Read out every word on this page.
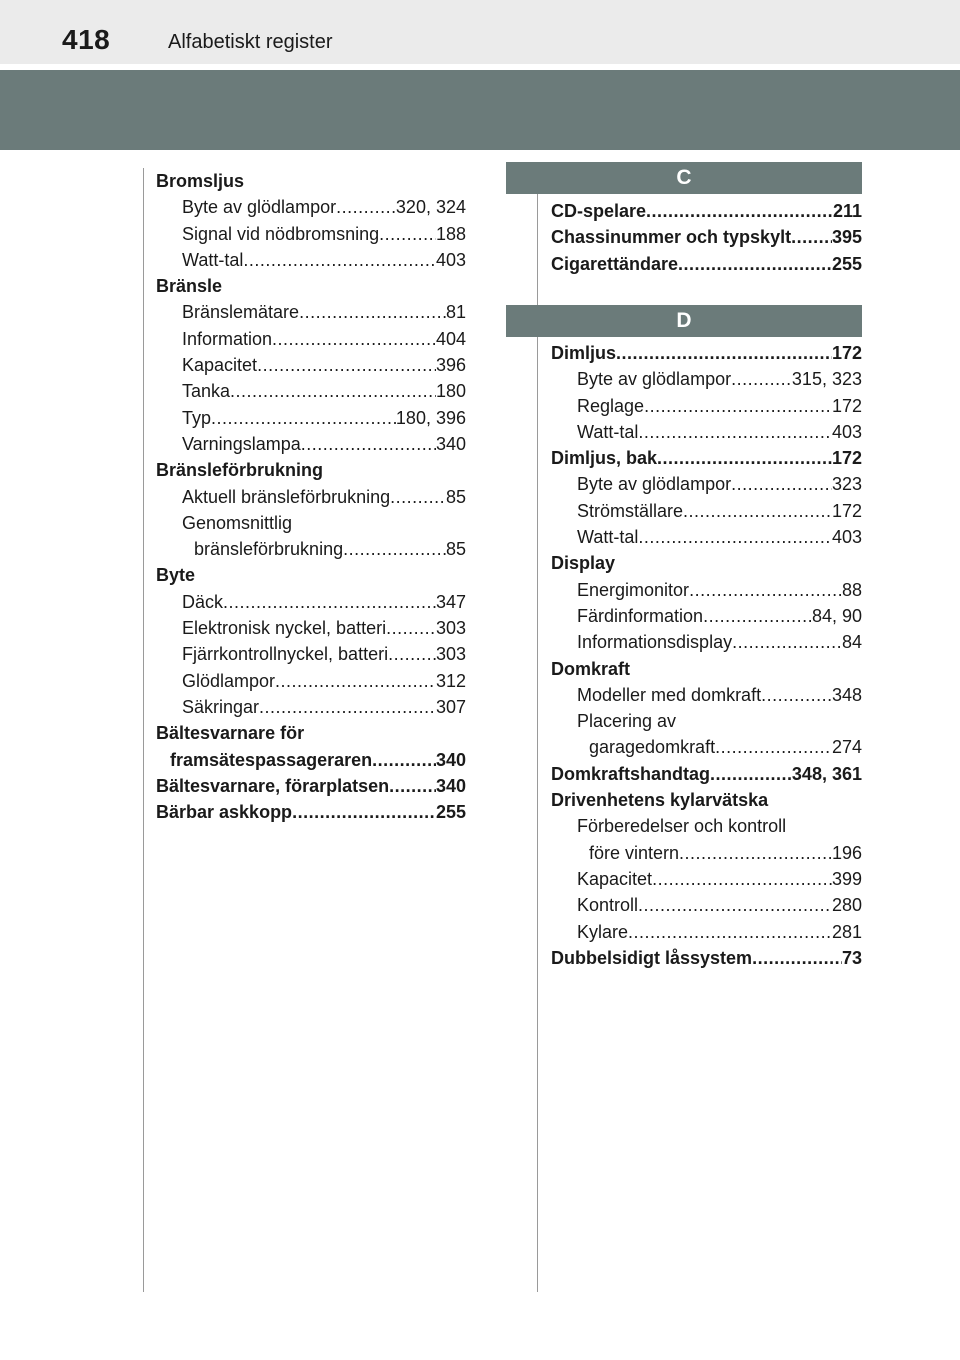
418	Alfabetiskt register
C
D
Bromsljus
Byte av glödlampor .....	320, 324
Signal vid nödbromsning .....	188
Watt-tal .....	403
Bränsle
Bränslemätare .....	81
Information .....	404
Kapacitet .....	396
Tanka .....	180
Typ .....	180, 396
Varningslampa .....	340
Bränsleförbrukning
Aktuell bränsleförbrukning .....	85
Genomsnittlig
bränsleförbrukning .....	85
Byte
Däck .....	347
Elektronisk nyckel, batteri .....	303
Fjärrkontrollnyckel, batteri .....	303
Glödlampor .....	312
Säkringar .....	307
Bältesvarnare för
framsätespassageraren .....	340
Bältesvarnare, förarplatsen .....	340
Bärbar askkopp .....	255
CD-spelare .....	211
Chassinummer och typskylt ..... 395
Cigarettändare .....	255
Dimljus .....	172
Byte av glödlampor .....	315, 323
Reglage .....	172
Watt-tal .....	403
Dimljus, bak .....	172
Byte av glödlampor .....	323
Strömställare .....	172
Watt-tal .....	403
Display
Energimonitor .....	88
Färdinformation .....	84, 90
Informationsdisplay .....	84
Domkraft
Modeller med domkraft .....	348
Placering av
garagedomkraft .....	274
Domkraftshandtag .....	348, 361
Drivenhetens kylarvätska
Förberedelser och kontroll
före vintern .....	196
Kapacitet .....	399
Kontroll .....	280
Kylare .....	281
Dubbelsidigt låssystem .....	73
